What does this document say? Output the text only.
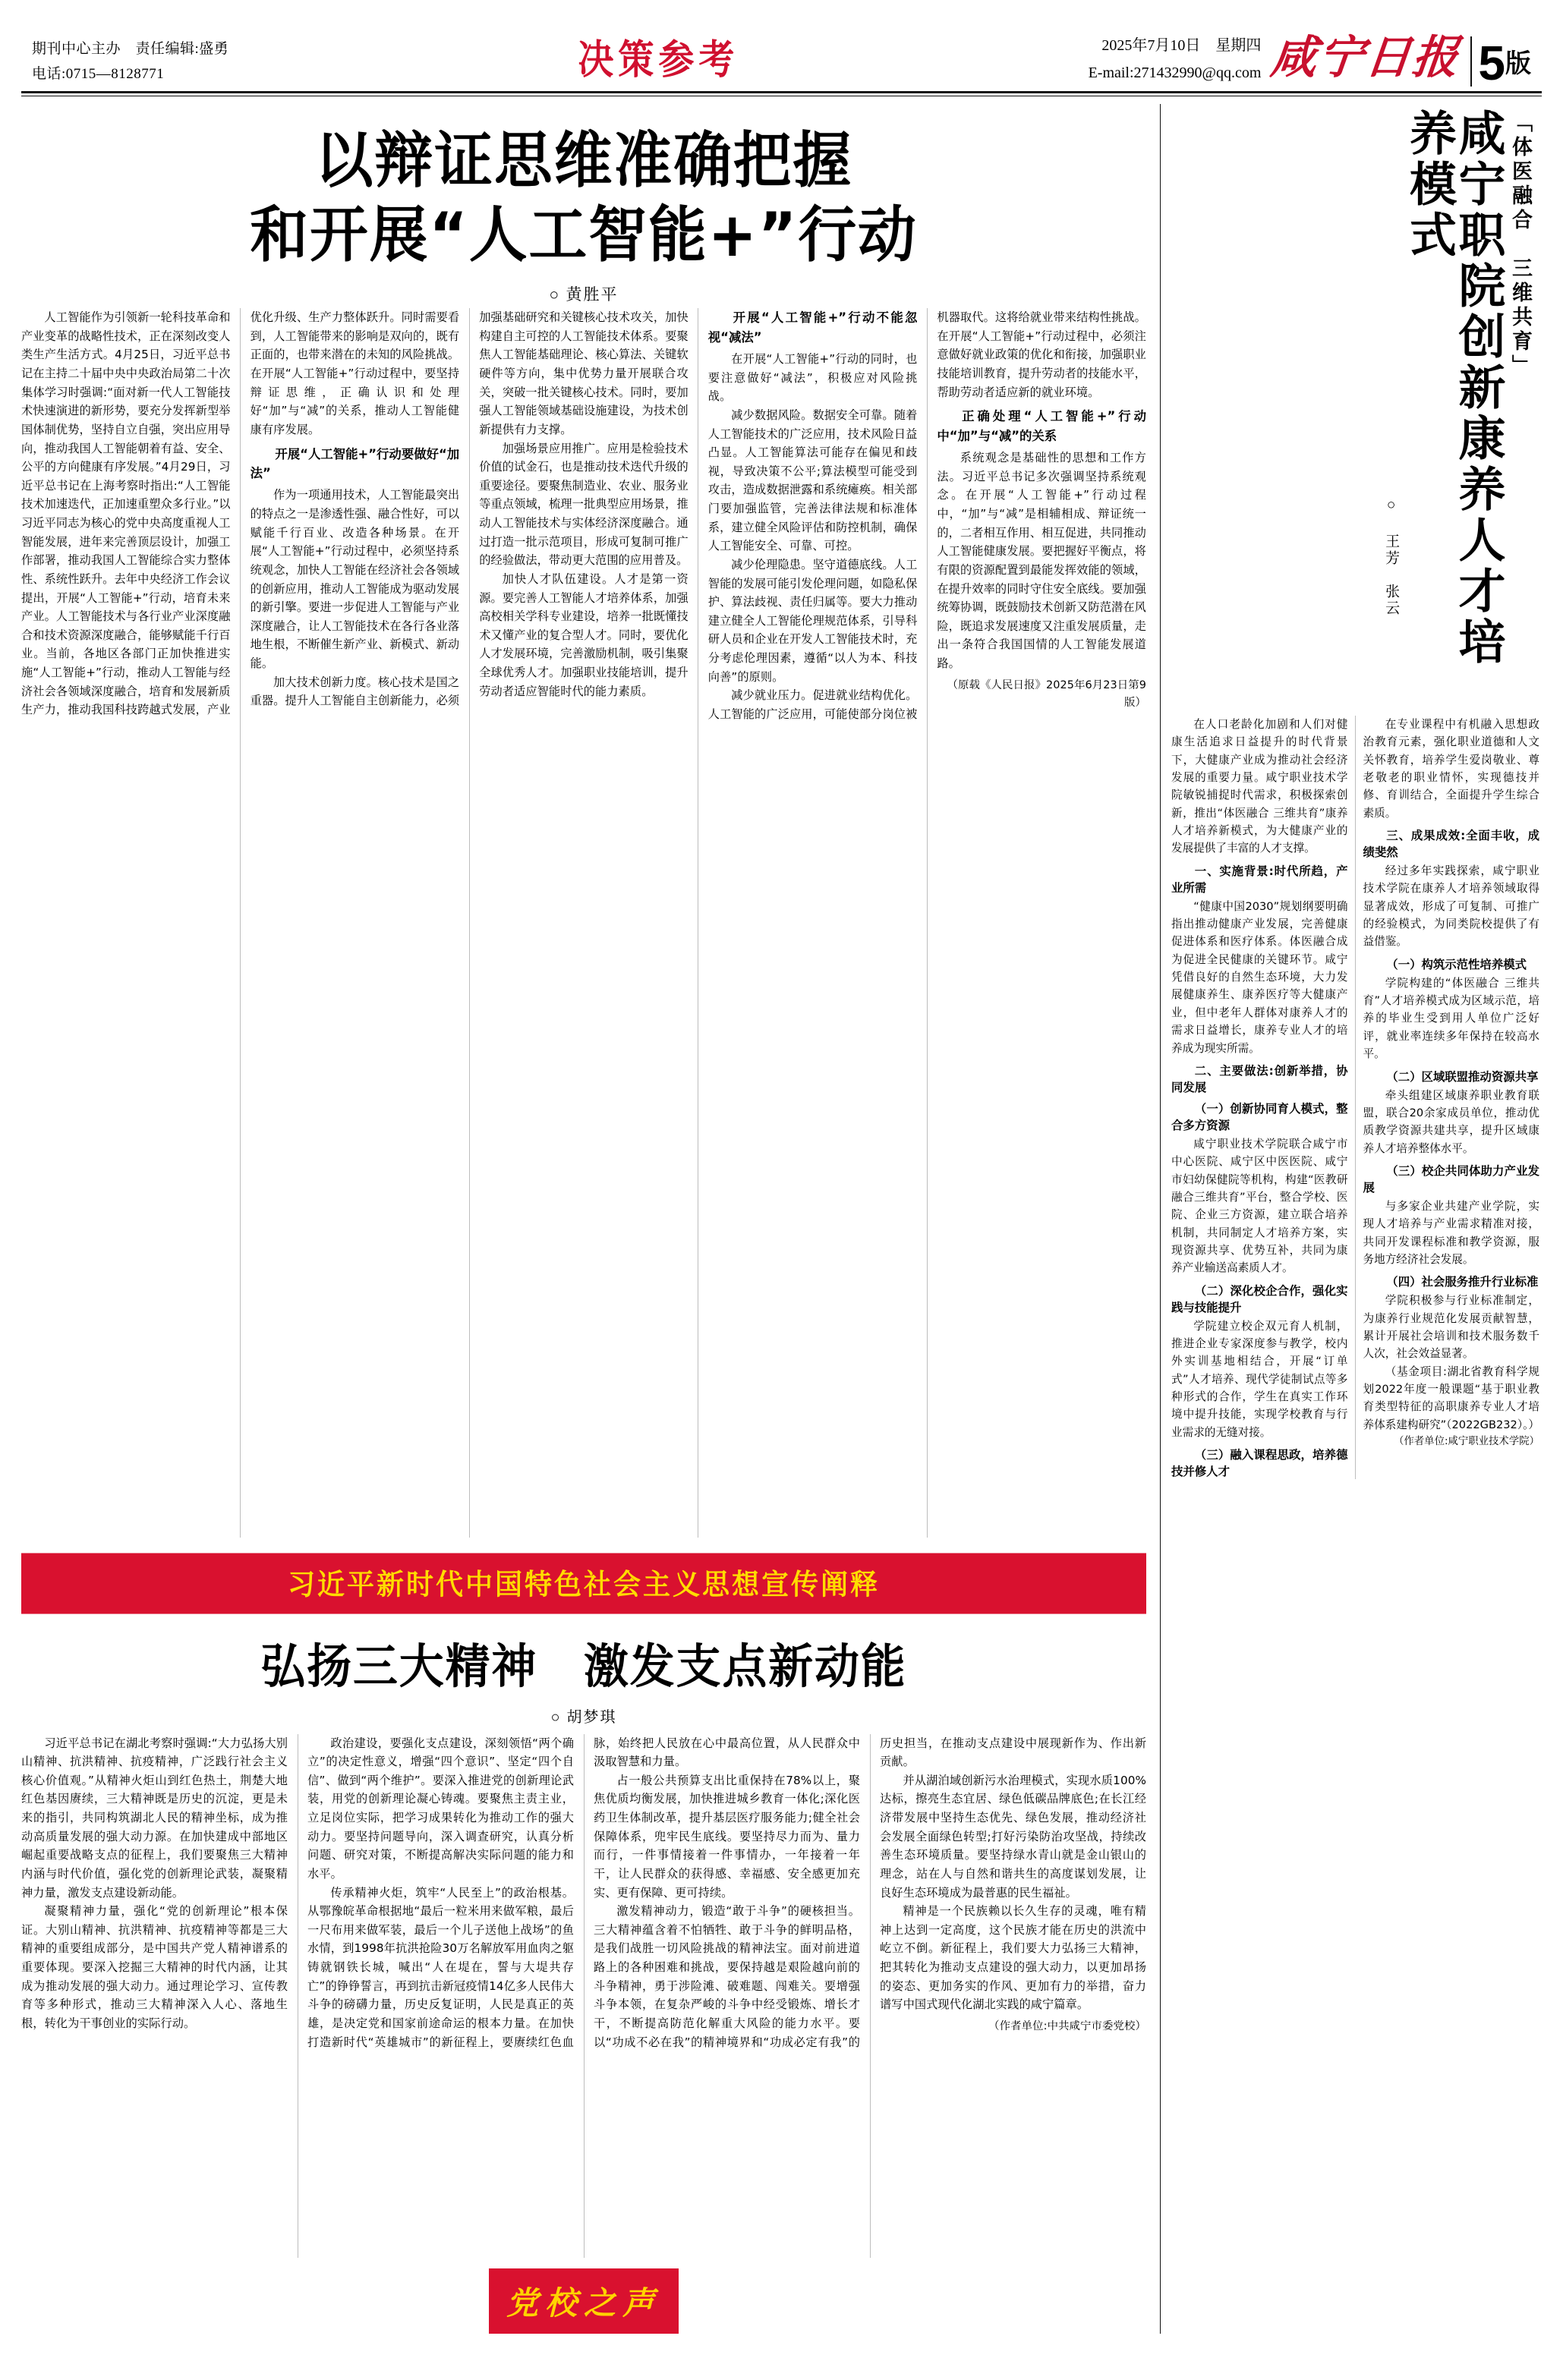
期刊中心主办　责任编辑:盛勇
电话:0715—8128771	决策参考	2025年7月10日　星期四
E-mail:271432990@qq.com 咸宁日报 5 版
以辩证思维准确把握
和开展“人工智能+”行动
○ 黄胜平

人工智能作为引领新一轮科技革命和产业变革的战略性技术，正在深刻改变人类生产生活方式。4月25日，习近平总书记在主持二十届中央中央政治局第二十次集体学习时强调:“面对新一代人工智能技术快速演进的新形势，要充分发挥新型举国体制优势，坚持自立自强，突出应用导向，推动我国人工智能朝着有益、安全、公平的方向健康有序发展。”4月29日，习近平总书记在上海考察时指出:“人工智能技术加速迭代，正加速重塑众多行业。”以习近平同志为核心的党中央高度重视人工智能发展，进年来完善顶层设计，加强工作部署，推动我国人工智能综合实力整体性、系统性跃升。去年中央经济工作会议提出，开展“人工智能+”行动，培育未来产业。人工智能技术与各行业产业深度融合和技术资源深度融合，能够赋能千行百业。当前，各地区各部门正加快推进实施“人工智能+”行动，推动人工智能与经济社会各领域深度融合，培育和发展新质生产力，推动我国科技跨越式发展，产业优化升级、生产力整体跃升。同时需要看到，人工智能带来的影响是双向的，既有正面的，也带来潜在的未知的风险挑战。在开展“人工智能+”行动过程中，要坚持辩证思维，正确认识和处理好“加”与“减”的关系，推动人工智能健康有序发展。

开展“人工智能+”行动要做好“加法”

作为一项通用技术，人工智能最突出的特点之一是渗透性强、融合性好，可以赋能千行百业、改造各种场景。在开展“人工智能+”行动过程中，必须坚持系统观念，加快人工智能在经济社会各领域的创新应用，推动人工智能成为驱动发展的新引擎。要进一步促进人工智能与产业深度融合，让人工智能技术在各行各业落地生根，不断催生新产业、新模式、新动能。

加大技术创新力度。核心技术是国之重器。提升人工智能自主创新能力，必须加强基础研究和关键核心技术攻关，加快构建自主可控的人工智能技术体系。要聚焦人工智能基础理论、核心算法、关键软硬件等方向，集中优势力量开展联合攻关，突破一批关键核心技术。同时，要加强人工智能领域基础设施建设，为技术创新提供有力支撑。

加强场景应用推广。应用是检验技术价值的试金石，也是推动技术迭代升级的重要途径。要聚焦制造业、农业、服务业等重点领域，梳理一批典型应用场景，推动人工智能技术与实体经济深度融合。通过打造一批示范项目，形成可复制可推广的经验做法，带动更大范围的应用普及。

加快人才队伍建设。人才是第一资源。要完善人工智能人才培养体系，加强高校相关学科专业建设，培养一批既懂技术又懂产业的复合型人才。同时，要优化人才发展环境，完善激励机制，吸引集聚全球优秀人才。加强职业技能培训，提升劳动者适应智能时代的能力素质。

开展“人工智能+”行动不能忽视“减法”

在开展“人工智能+”行动的同时，也要注意做好“减法”，积极应对风险挑战。

减少数据风险。数据安全可靠。随着人工智能技术的广泛应用，技术风险日益凸显。人工智能算法可能存在偏见和歧视，导致决策不公平;算法模型可能受到攻击，造成数据泄露和系统瘫痪。相关部门要加强监管，完善法律法规和标准体系，建立健全风险评估和防控机制，确保人工智能安全、可靠、可控。

减少伦理隐患。坚守道德底线。人工智能的发展可能引发伦理问题，如隐私保护、算法歧视、责任归属等。要大力推动建立健全人工智能伦理规范体系，引导科研人员和企业在开发人工智能技术时，充分考虑伦理因素，遵循“以人为本、科技向善”的原则。

减少就业压力。促进就业结构优化。人工智能的广泛应用，可能使部分岗位被机器取代。这将给就业带来结构性挑战。在开展“人工智能+”行动过程中，必须注意做好就业政策的优化和衔接，加强职业技能培训教育，提升劳动者的技能水平，帮助劳动者适应新的就业环境。

正确处理“人工智能+”行动中“加”与“减”的关系

系统观念是基础性的思想和工作方法。习近平总书记多次强调坚持系统观念。在开展“人工智能+”行动过程中，“加”与“减”是相辅相成、辩证统一的，二者相互作用、相互促进，共同推动人工智能健康发展。要把握好平衡点，将有限的资源配置到最能发挥效能的领域，在提升效率的同时守住安全底线。要加强统筹协调，既鼓励技术创新又防范潜在风险，既追求发展速度又注重发展质量，走出一条符合我国国情的人工智能发展道路。

（原载《人民日报》2025年6月23日第9版）

习近平新时代中国特色社会主义思想宣传阐释
弘扬三大精神　激发支点新动能
○ 胡梦琪

习近平总书记在湖北考察时强调:“大力弘扬大别山精神、抗洪精神、抗疫精神，广泛践行社会主义核心价值观。”从精神火炬山到红色热土，荆楚大地红色基因赓续，三大精神既是历史的沉淀，更是未来的指引，共同构筑湖北人民的精神坐标，成为推动高质量发展的强大动力源。在加快建成中部地区崛起重要战略支点的征程上，我们要聚焦三大精神内涵与时代价值，强化党的创新理论武装，凝聚精神力量，激发支点建设新动能。

凝聚精神力量，强化“党的创新理论”根本保证。大别山精神、抗洪精神、抗疫精神等都是三大精神的重要组成部分，是中国共产党人精神谱系的重要体现。要深入挖掘三大精神的时代内涵，让其成为推动发展的强大动力。通过理论学习、宣传教育等多种形式，推动三大精神深入人心、落地生根，转化为干事创业的实际行动。

政治建设，要强化支点建设，深刻领悟“两个确立”的决定性意义，增强“四个意识”、坚定“四个自信”、做到“两个维护”。要深入推进党的创新理论武装，用党的创新理论凝心铸魂。要聚焦主责主业，立足岗位实际，把学习成果转化为推动工作的强大动力。要坚持问题导向，深入调查研究，认真分析问题、研究对策，不断提高解决实际问题的能力和水平。

传承精神火炬，筑牢“人民至上”的政治根基。从鄂豫皖革命根据地“最后一粒米用来做军粮，最后一尺布用来做军装，最后一个儿子送他上战场”的鱼水情，到1998年抗洪抢险30万名解放军用血肉之躯铸就钢铁长城，喊出“人在堤在，誓与大堤共存亡”的铮铮誓言，再到抗击新冠疫情14亿多人民伟大斗争的磅礴力量，历史反复证明，人民是真正的英雄，是决定党和国家前途命运的根本力量。在加快打造新时代“英雄城市”的新征程上，要赓续红色血脉，始终把人民放在心中最高位置，从人民群众中汲取智慧和力量。

占一般公共预算支出比重保持在78%以上，聚焦优质均衡发展，加快推进城乡教育一体化;深化医药卫生体制改革，提升基层医疗服务能力;健全社会保障体系，兜牢民生底线。要坚持尽力而为、量力而行，一件事情接着一件事情办，一年接着一年干，让人民群众的获得感、幸福感、安全感更加充实、更有保障、更可持续。

激发精神动力，锻造“敢于斗争”的硬核担当。三大精神蕴含着不怕牺牲、敢于斗争的鲜明品格，是我们战胜一切风险挑战的精神法宝。面对前进道路上的各种困难和挑战，要保持越是艰险越向前的斗争精神，勇于涉险滩、破难题、闯难关。要增强斗争本领，在复杂严峻的斗争中经受锻炼、增长才干，不断提高防范化解重大风险的能力水平。要以“功成不必在我”的精神境界和“功成必定有我”的历史担当，在推动支点建设中展现新作为、作出新贡献。

并从湖泊域创新污水治理模式，实现水质100%达标，擦亮生态宜居、绿色低碳品牌底色;在长江经济带发展中坚持生态优先、绿色发展，推动经济社会发展全面绿色转型;打好污染防治攻坚战，持续改善生态环境质量。要坚持绿水青山就是金山银山的理念，站在人与自然和谐共生的高度谋划发展，让良好生态环境成为最普惠的民生福祉。

精神是一个民族赖以长久生存的灵魂，唯有精神上达到一定高度，这个民族才能在历史的洪流中屹立不倒。新征程上，我们要大力弘扬三大精神，把其转化为推动支点建设的强大动力，以更加昂扬的姿态、更加务实的作风、更加有力的举措，奋力谱写中国式现代化湖北实践的咸宁篇章。

（作者单位:中共咸宁市委党校）

党校之声
「体医融合　三维共育」
咸宁职院创新康养人才培养模式
○ 王芳　张云

在人口老龄化加剧和人们对健康生活追求日益提升的时代背景下，大健康产业成为推动社会经济发展的重要力量。咸宁职业技术学院敏锐捕捉时代需求，积极探索创新，推出“体医融合 三维共育”康养人才培养新模式，为大健康产业的发展提供了丰富的人才支撑。

一、实施背景:时代所趋，产业所需

“健康中国2030”规划纲要明确指出推动健康产业发展，完善健康促进体系和医疗体系。体医融合成为促进全民健康的关键环节。咸宁凭借良好的自然生态环境，大力发展健康养生、康养医疗等大健康产业，但中老年人群体对康养人才的需求日益增长，康养专业人才的培养成为现实所需。

二、主要做法:创新举措，协同发展
（一）创新协同育人模式，整合多方资源

咸宁职业技术学院联合咸宁市中心医院、咸宁区中医医院、咸宁市妇幼保健院等机构，构建“医教研融合三维共育”平台，整合学校、医院、企业三方资源，建立联合培养机制，共同制定人才培养方案，实现资源共享、优势互补，共同为康养产业输送高素质人才。

（二）深化校企合作，强化实践与技能提升

学院建立校企双元育人机制，推进企业专家深度参与教学，校内外实训基地相结合，开展“订单式”人才培养、现代学徒制试点等多种形式的合作，学生在真实工作环境中提升技能，实现学校教育与行业需求的无缝对接。

（三）融入课程思政，培养德技并修人才

在专业课程中有机融入思想政治教育元素，强化职业道德和人文关怀教育，培养学生爱岗敬业、尊老敬老的职业情怀，实现德技并修、育训结合，全面提升学生综合素质。

三、成果成效:全面丰收，成绩斐然

经过多年实践探索，咸宁职业技术学院在康养人才培养领域取得显著成效，形成了可复制、可推广的经验模式，为同类院校提供了有益借鉴。

（一）构筑示范性培养模式

学院构建的“体医融合 三维共育”人才培养模式成为区域示范，培养的毕业生受到用人单位广泛好评，就业率连续多年保持在较高水平。

（二）区域联盟推动资源共享

牵头组建区域康养职业教育联盟，联合20余家成员单位，推动优质教学资源共建共享，提升区域康养人才培养整体水平。

（三）校企共同体助力产业发展

与多家企业共建产业学院，实现人才培养与产业需求精准对接，共同开发课程标准和教学资源，服务地方经济社会发展。

（四）社会服务推升行业标准

学院积极参与行业标准制定，为康养行业规范化发展贡献智慧，累计开展社会培训和技术服务数千人次，社会效益显著。

（基金项目:湖北省教育科学规划2022年度一般课题“基于职业教育类型特征的高职康养专业人才培养体系建构研究”（2022GB232）。）

（作者单位:咸宁职业技术学院）
